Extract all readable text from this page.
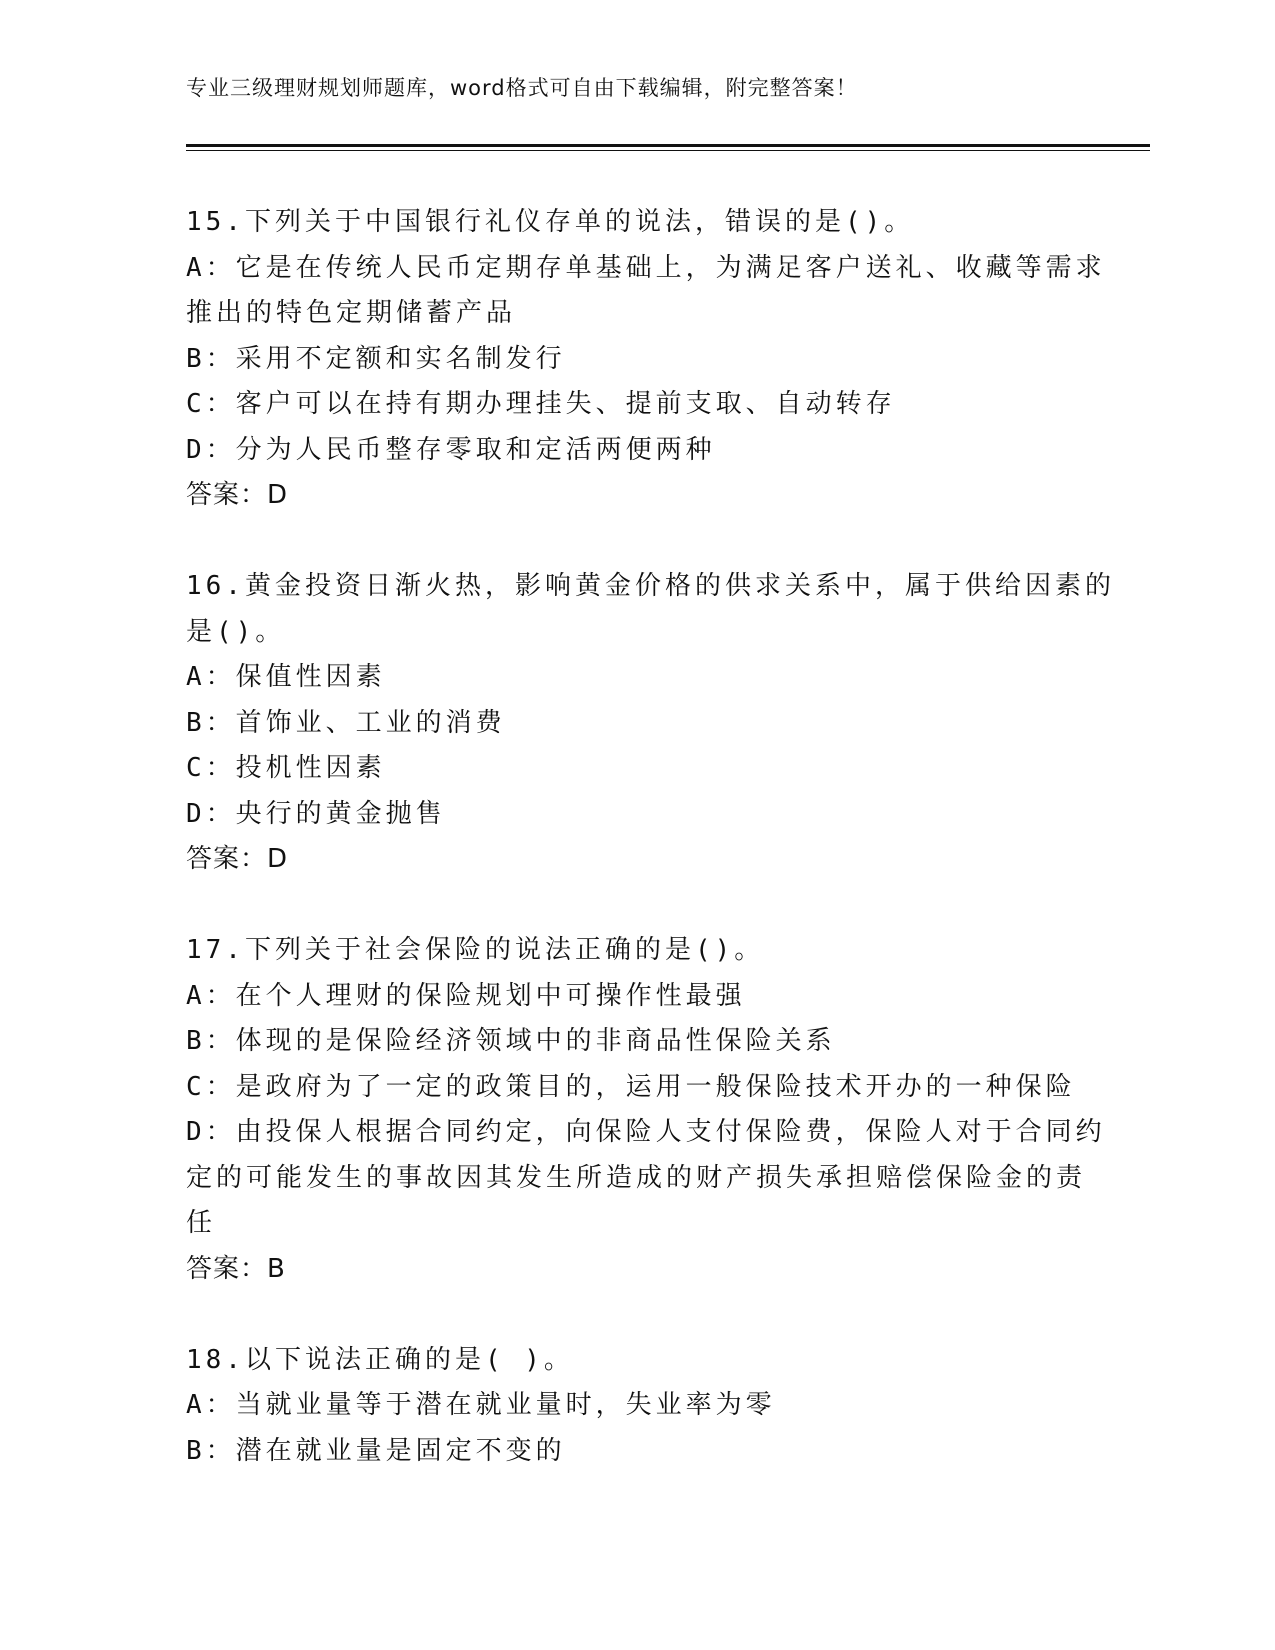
专业三级理财规划师题库，word格式可自由下载编辑，附完整答案！
15.下列关于中国银行礼仪存单的说法，错误的是()。
A：它是在传统人民币定期存单基础上，为满足客户送礼、收藏等需求
推出的特色定期储蓄产品
B：采用不定额和实名制发行
C：客户可以在持有期办理挂失、提前支取、自动转存
D：分为人民币整存零取和定活两便两种
答案：D
16.黄金投资日渐火热，影响黄金价格的供求关系中，属于供给因素的
是()。
A：保值性因素
B：首饰业、工业的消费
C：投机性因素
D：央行的黄金抛售
答案：D
17.下列关于社会保险的说法正确的是()。
A：在个人理财的保险规划中可操作性最强
B：体现的是保险经济领域中的非商品性保险关系
C：是政府为了一定的政策目的，运用一般保险技术开办的一种保险
D：由投保人根据合同约定，向保险人支付保险费，保险人对于合同约
定的可能发生的事故因其发生所造成的财产损失承担赔偿保险金的责
任
答案：B
18.以下说法正确的是( )。
A：当就业量等于潜在就业量时，失业率为零
B：潜在就业量是固定不变的
